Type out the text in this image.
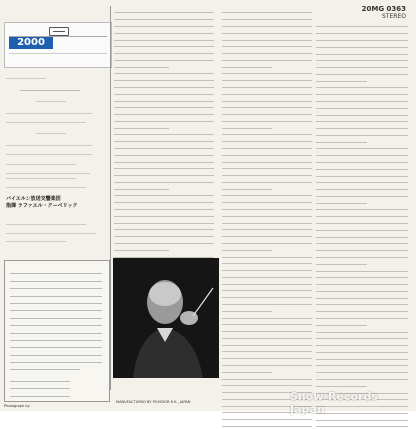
20MG 0363
STEREO
2000
バイエルン放送交響楽団
指揮 ラファエル・クーベリック
MANUFACTURED BY POLYDOR K.K., JAPAN
Photograph by
Snow-Records Japan
